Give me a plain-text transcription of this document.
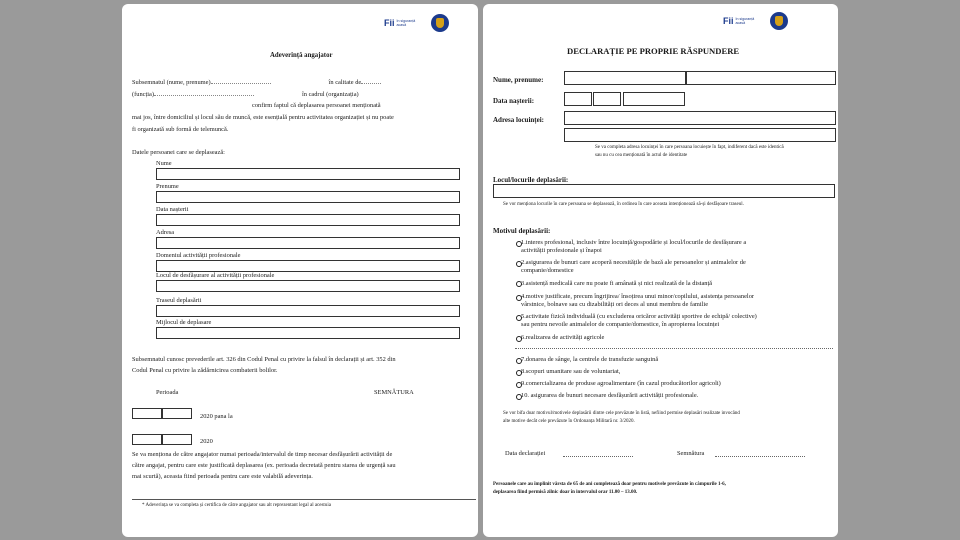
Fii în siguranță acasă
Adeverință angajator
Subsemnatul (nume, prenume)	în calitate de
(funcția)	în cadrul (organizația)
confirm faptul că deplasarea persoanei menționată
mai jos, între domiciliul și locul său de muncă, este esențială pentru activitatea organizației și nu poate
fi organizată sub formă de telemuncă.
Datele persoanei care se deplasează:
Nume
Prenume
Data nașterii
Adresa
Domeniul activității profesionale
Locul de desfășurare al activității profesionale
Traseul deplasării
Mijlocul de deplasare
Subsemnatul cunosc prevederile art. 326 din Codul Penal cu privire la falsul în declarații și art. 352 din
Codul Penal cu privire la zădărnicirea combaterii bolilor.
Perioada	SEMNĂTURA
2020 pana la
2020
Se va menționa de către angajator numai perioada/intervalul de timp necesar desfășurării activității de
către angajat, pentru care este justificată deplasarea (ex. perioada decretată pentru starea de urgență sau
mai scurtă), aceasta fiind perioada pentru care este valabilă adeverința.
* Adeverința se va completa și certifica de către angajator sau alt reprezentant legal al acestuia
Fii în siguranță acasă
DECLARAȚIE PE PROPRIE RĂSPUNDERE
Nume, prenume:
Data nașterii:
Adresa locuinței:
Se va completa adresa locuinței în care persoana locuiește în fapt, indiferent dacă este identică
sau nu cu cea menționată în actul de identitate
Locul/locurile deplasării:
Se vor menționa locurile în care persoana se deplasează, în ordinea în care aceasta intenționează să-și desfășoare traseul.
Motivul deplasării:
1.interes profesional, inclusiv între locuință/gospodărie și locul/locurile de desfășurare a
activității profesionale și înapoi
2.asigurarea de bunuri care acoperă necesitățile de bază ale persoanelor și animalelor de
companie/domestice
3.asistență medicală care nu poate fi amânată și nici realizată de la distanță
4.motive justificate, precum îngrijirea/ însoțirea unui minor/copilului, asistența persoanelor
vârstnice, bolnave sau cu dizabilități ori deces al unui membru de familie
5.activitate fizică individuală (cu excluderea oricăror activități sportive de echipă/ colective)
sau pentru nevoile animalelor de companie/domestice, în apropierea locuinței
6.realizarea de activități agricole
7.donarea de sânge, la centrele de transfuzie sanguină
8.scopuri umanitare sau de voluntariat,
9.comercializarea de produse agroalimentare (în cazul producătorilor agricoli)
10. asigurarea de bunuri necesare desfășurării activității profesionale.
Se vor bifa doar motivul/motivele deplasării dintre cele prevăzute în listă, nefiind permise deplasări realizate invocând
alte motive decât cele prevăzute în Ordonanța Militară nr. 3/2020.
Data declarației	Semnătura
Persoanele care au împlinit vârsta de 65 de ani completează doar pentru motivele prevăzute în câmpurile 1-6,
deplasarea fiind permisă zilnic doar în intervalul orar 11.00 – 13.00.
